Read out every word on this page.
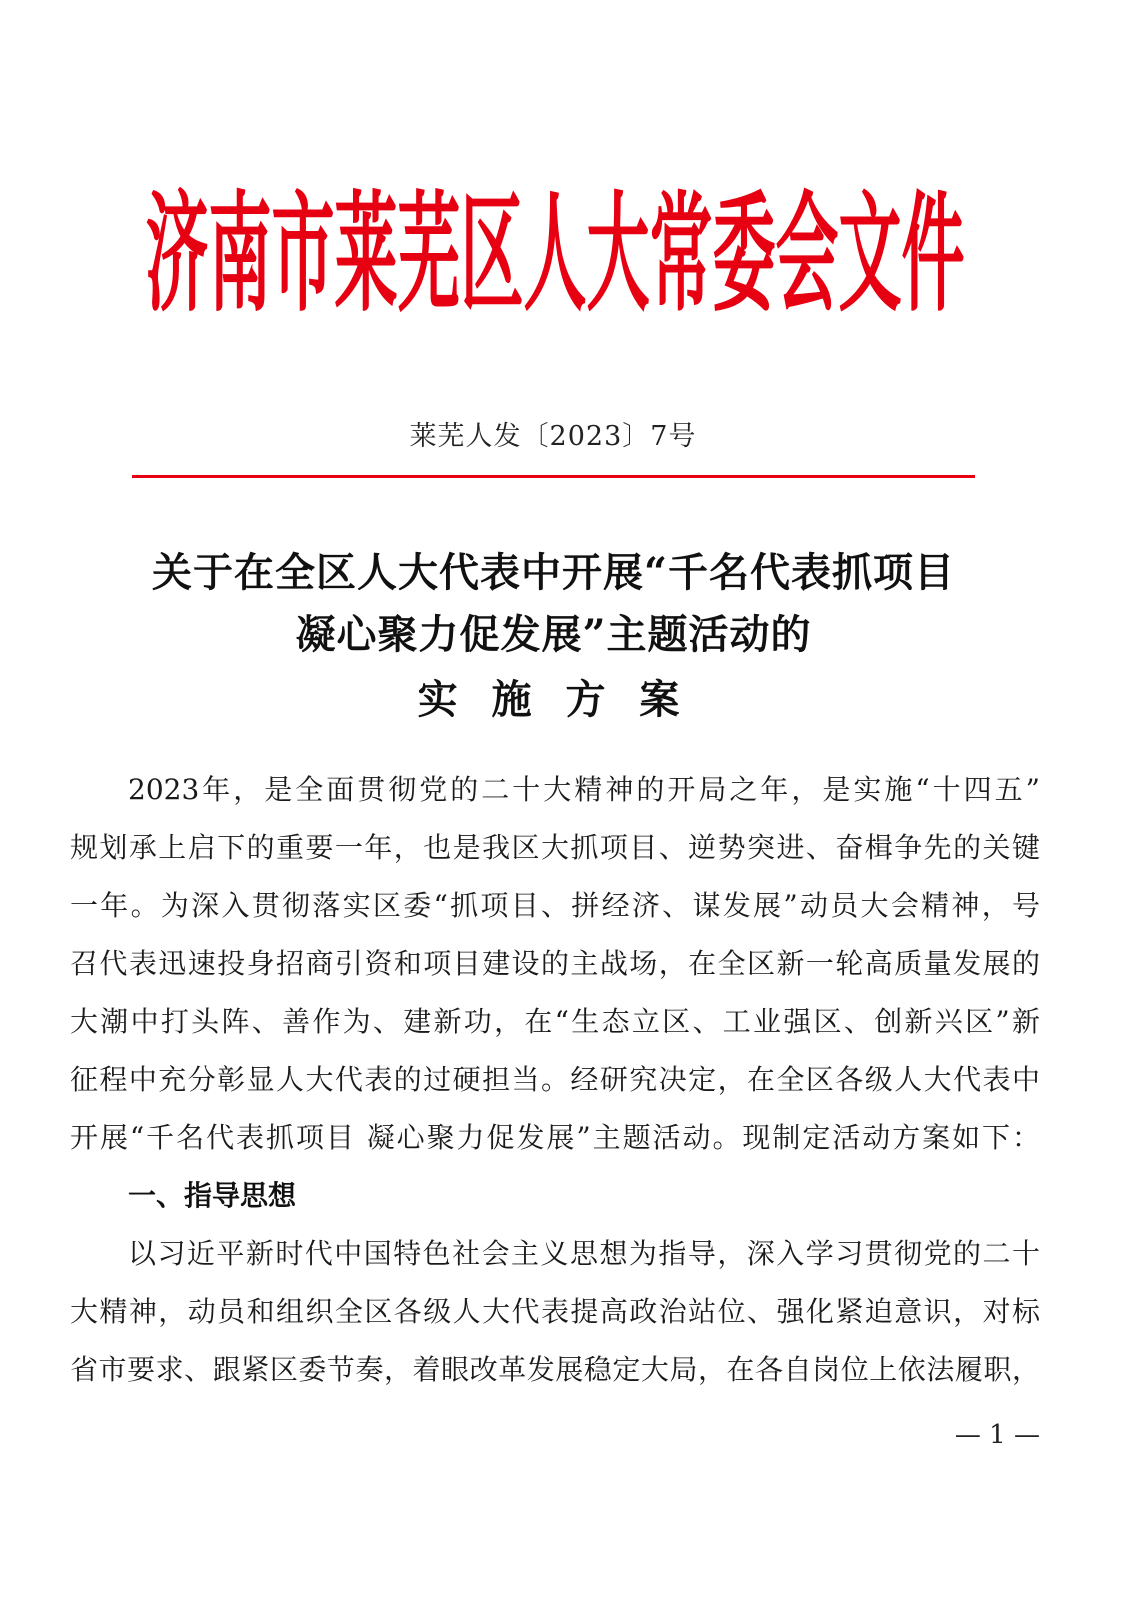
济南市莱芜区人大常委会文件
莱芜人发〔2023〕7号
关于在全区人大代表中开展“千名代表抓项目
凝心聚力促发展”主题活动的
实 施 方 案
2023年，是全面贯彻党的二十大精神的开局之年，是实施“十四五”
规划承上启下的重要一年，也是我区大抓项目、逆势突进、奋楫争先的关键
一年。为深入贯彻落实区委“抓项目、拼经济、谋发展”动员大会精神，号
召代表迅速投身招商引资和项目建设的主战场，在全区新一轮高质量发展的
大潮中打头阵、善作为、建新功，在“生态立区、工业强区、创新兴区”新
征程中充分彰显人大代表的过硬担当。经研究决定，在全区各级人大代表中
开展“千名代表抓项目 凝心聚力促发展”主题活动。现制定活动方案如下：
一、指导思想
以习近平新时代中国特色社会主义思想为指导，深入学习贯彻党的二十
大精神，动员和组织全区各级人大代表提高政治站位、强化紧迫意识，对标
省市要求、跟紧区委节奏，着眼改革发展稳定大局，在各自岗位上依法履职，
— 1 —
